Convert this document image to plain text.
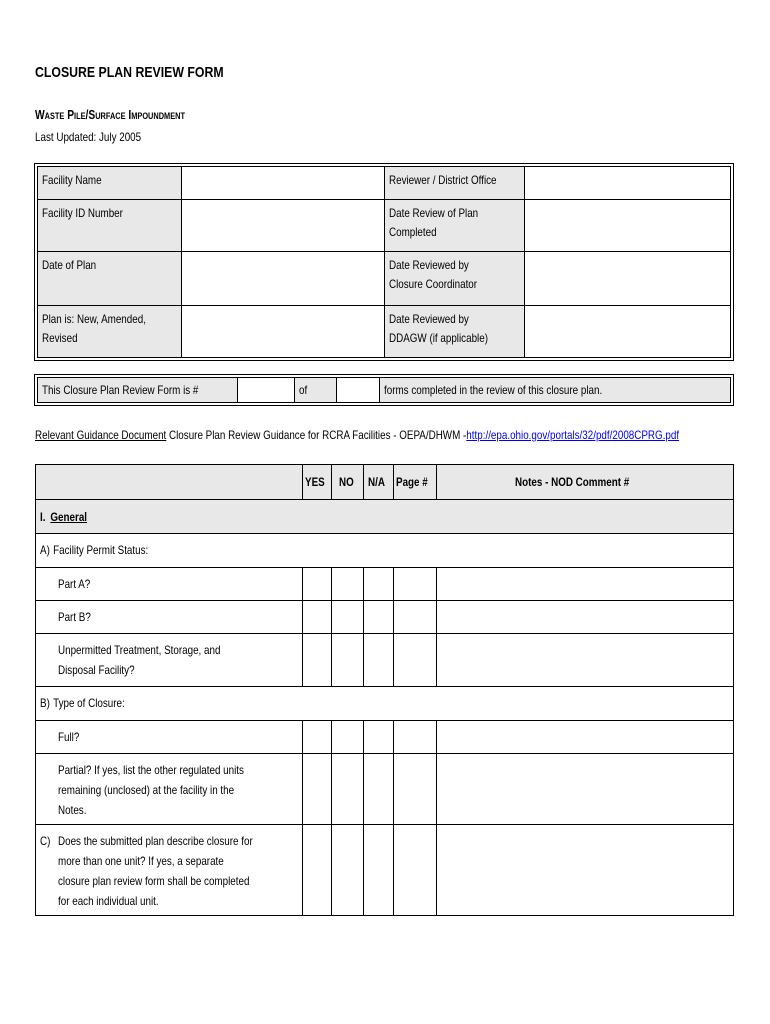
CLOSURE PLAN REVIEW FORM
Waste Pile/Surface Impoundment
Last Updated: July 2005
Facility Name		Reviewer / District Office	
Facility ID Number		Date Review of Plan Completed	
Date of Plan		Date Reviewed by Closure Coordinator	
Plan is: New, Amended, Revised		Date Reviewed by DDAGW (if applicable)	
This Closure Plan Review Form is #		of		forms completed in the review of this closure plan.
Relevant Guidance Document Closure Plan Review Guidance for RCRA Facilities - OEPA/DHWM -http://epa.ohio.gov/portals/32/pdf/2008CPRG.pdf
	YES	NO	N/A	Page #	Notes - NOD Comment #
I. General					
A) Facility Permit Status:					
Part A?					
Part B?					
Unpermitted Treatment, Storage, and Disposal Facility?					
B) Type of Closure:					
Full?					
Partial? If yes, list the other regulated units remaining (unclosed) at the facility in the Notes.					

C) Does the submitted plan describe closure for more than one unit? If yes, a separate closure plan review form shall be completed for each individual unit.					
